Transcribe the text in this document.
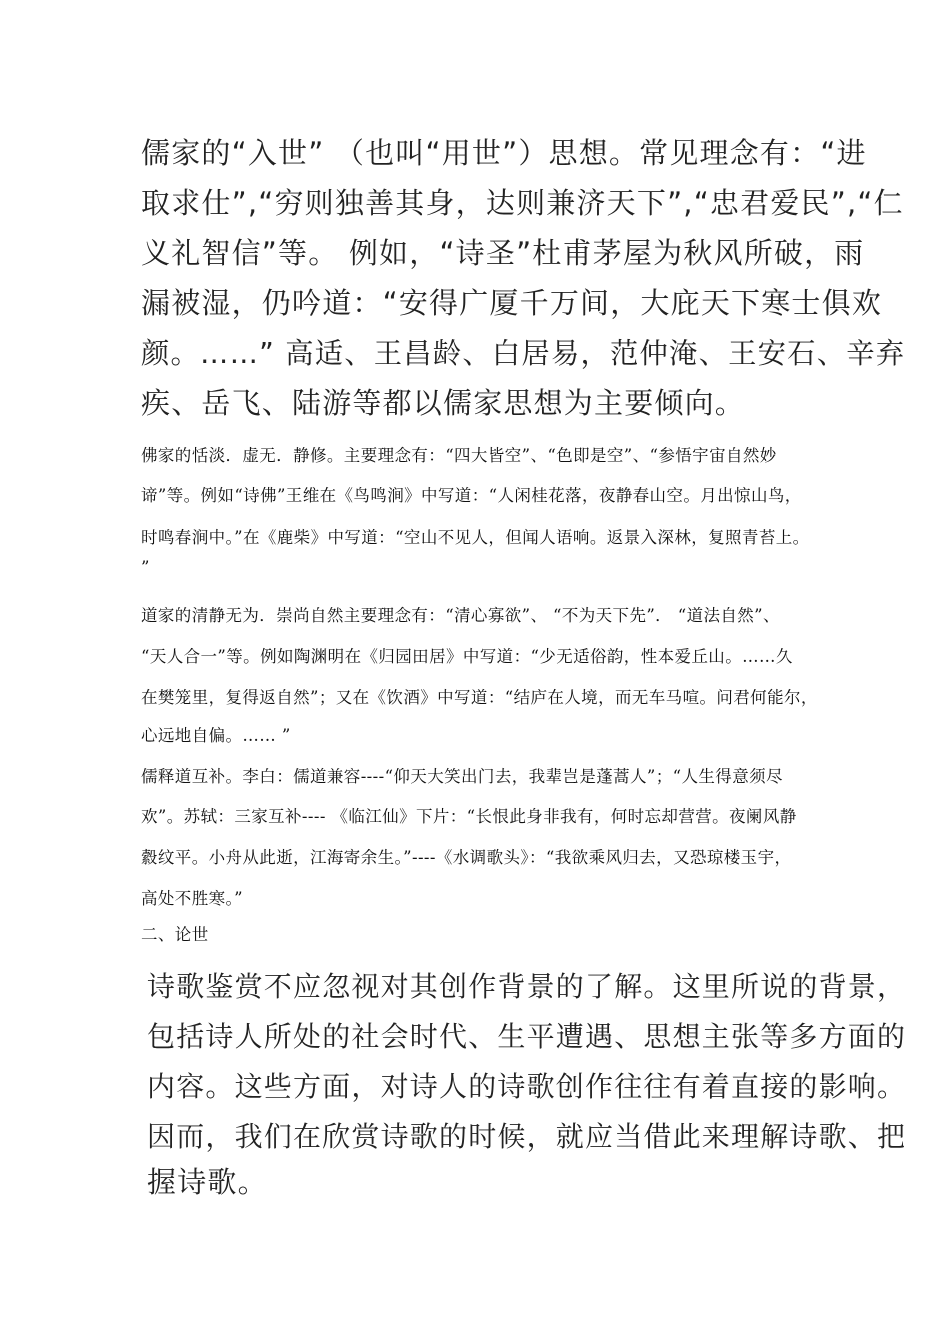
儒家的“入世” （也叫“用世”）思想。常见理念有：“进
取求仕”,“穷则独善其身，达则兼济天下”,“忠君爱民”,“仁
义礼智信”等。 例如，“诗圣”杜甫茅屋为秋风所破，雨
漏被湿，仍吟道：“安得广厦千万间，大庇天下寒士俱欢
颜。……” 高适、王昌龄、白居易，范仲淹、王安石、辛弃
疾、岳飞、陆游等都以儒家思想为主要倾向。
佛家的恬淡．虚无．静修。主要理念有：“四大皆空”、“色即是空”、“参悟宇宙自然妙
谛”等。例如“诗佛”王维在《鸟鸣涧》中写道：“人闲桂花落，夜静春山空。月出惊山鸟，
时鸣春涧中。”在《鹿柴》中写道：“空山不见人，但闻人语响。返景入深林，复照青苔上。
”
道家的清静无为．崇尚自然主要理念有：“清心寡欲”、 “不为天下先”． “道法自然”、
“天人合一”等。例如陶渊明在《归园田居》中写道：“少无适俗韵，性本爱丘山。……久
在樊笼里，复得返自然”；又在《饮酒》中写道：“结庐在人境，而无车马喧。问君何能尔，
心远地自偏。…… ”
儒释道互补。李白：儒道兼容----“仰天大笑出门去，我辈岂是蓬蒿人”；“人生得意须尽
欢”。苏轼：三家互补---- 《临江仙》下片：“长恨此身非我有，何时忘却营营。夜阑风静
縠纹平。小舟从此逝，江海寄余生。”----《水调歌头》：“我欲乘风归去，又恐琼楼玉宇，
高处不胜寒。”
二、论世
诗歌鉴赏不应忽视对其创作背景的了解。这里所说的背景，
包括诗人所处的社会时代、生平遭遇、思想主张等多方面的
内容。这些方面，对诗人的诗歌创作往往有着直接的影响。
因而，我们在欣赏诗歌的时候，就应当借此来理解诗歌、把
握诗歌。
